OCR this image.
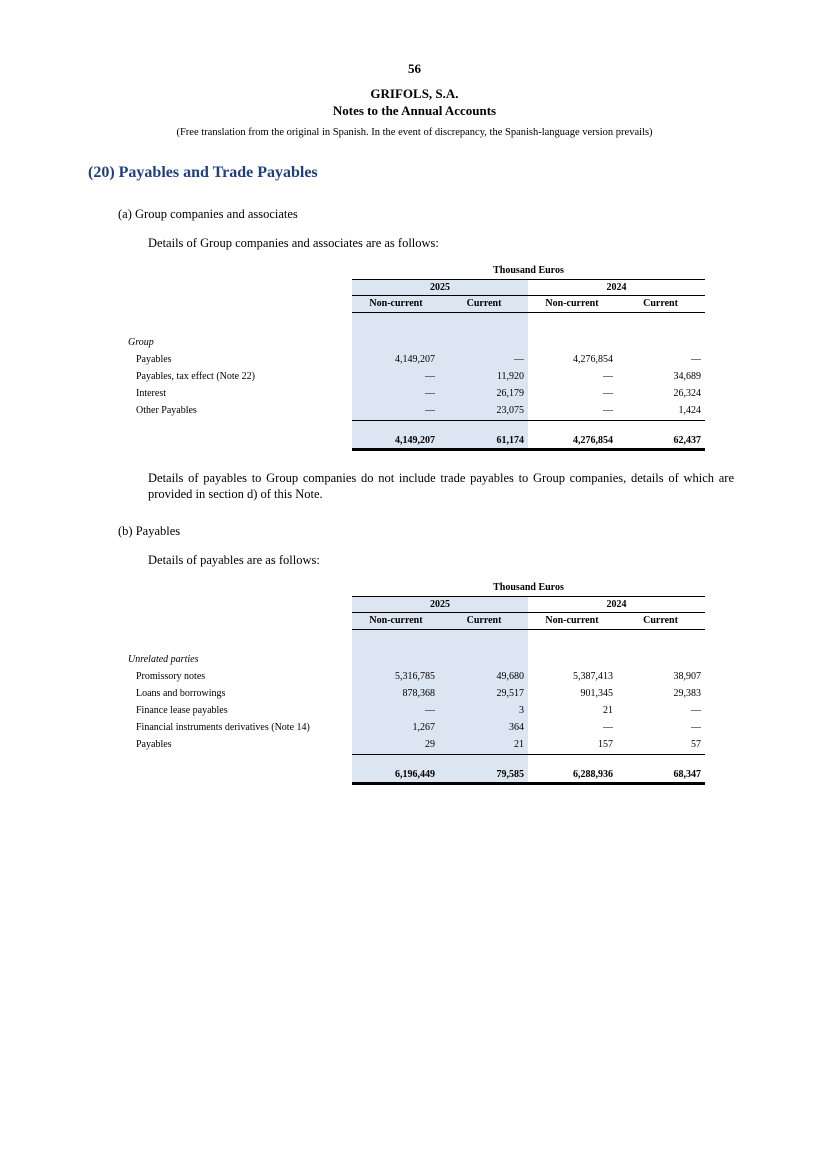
56
GRIFOLS, S.A.
Notes to the Annual Accounts
(Free translation from the original in Spanish. In the event of discrepancy, the Spanish-language version prevails)
(20) Payables and Trade Payables
(a) Group companies and associates
Details of Group companies and associates are as follows:
Thousand Euros
2025	2024
Non-current	Current	Non-current	Current
Group
Payables	4,149,207	—	4,276,854	—
Payables, tax effect (Note 22)	—	11,920	—	34,689
Interest	—	26,179	—	26,324
Other Payables	—	23,075	—	1,424
4,149,207	61,174	4,276,854	62,437
Details of payables to Group companies do not include trade payables to Group companies, details of which are provided in section d) of this Note.
(b) Payables
Details of payables are as follows:
Thousand Euros
2025	2024
Non-current	Current	Non-current	Current
Unrelated parties
Promissory notes	5,316,785	49,680	5,387,413	38,907
Loans and borrowings	878,368	29,517	901,345	29,383
Finance lease payables	—	3	21	—
Financial instruments derivatives (Note 14)	1,267	364	—	—
Payables	29	21	157	57
6,196,449	79,585	6,288,936	68,347
